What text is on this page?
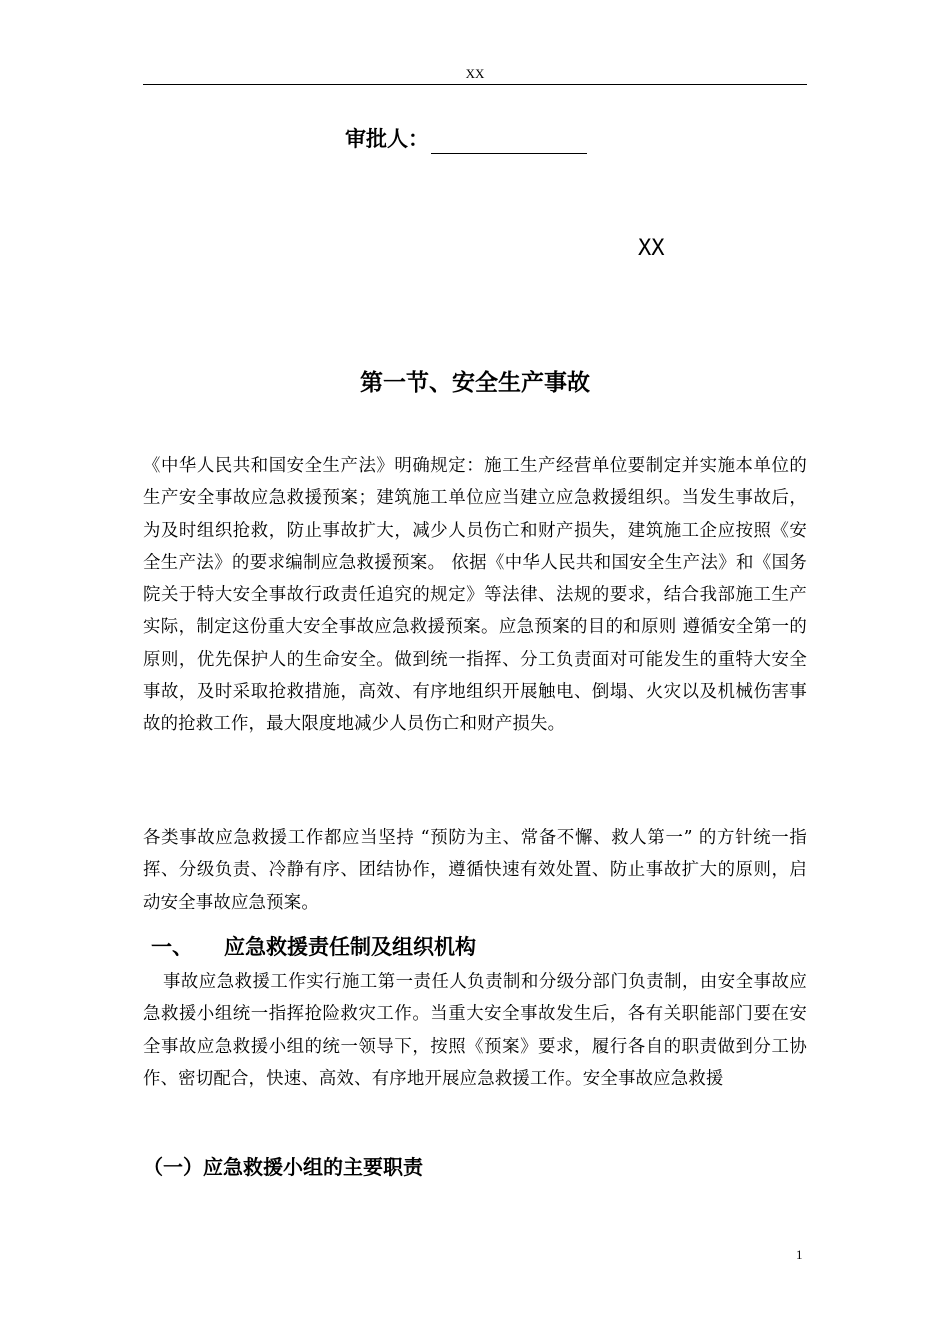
XX
审批人：
XX
第一节、安全生产事故
《中华人民共和国安全生产法》明确规定：施工生产经营单位要制定并实施本单位的生产安全事故应急救援预案；建筑施工单位应当建立应急救援组织。当发生事故后，为及时组织抢救，防止事故扩大，减少人员伤亡和财产损失，建筑施工企应按照《安全生产法》的要求编制应急救援预案。 依据《中华人民共和国安全生产法》和《国务院关于特大安全事故行政责任追究的规定》等法律、法规的要求，结合我部施工生产实际，制定这份重大安全事故应急救援预案。应急预案的目的和原则 遵循安全第一的原则，优先保护人的生命安全。做到统一指挥、分工负责面对可能发生的重特大安全事故，及时采取抢救措施，高效、有序地组织开展触电、倒塌、火灾以及机械伤害事故的抢救工作，最大限度地减少人员伤亡和财产损失。
各类事故应急救援工作都应当坚持 “预防为主、常备不懈、救人第一” 的方针统一指挥、分级负责、冷静有序、团结协作，遵循快速有效处置、防止事故扩大的原则，启动安全事故应急预案。
一、 应急救援责任制及组织机构
事故应急救援工作实行施工第一责任人负责制和分级分部门负责制，由安全事故应急救援小组统一指挥抢险救灾工作。当重大安全事故发生后，各有关职能部门要在安全事故应急救援小组的统一领导下，按照《预案》要求，履行各自的职责做到分工协作、密切配合，快速、高效、有序地开展应急救援工作。安全事故应急救援
（一）应急救援小组的主要职责
1
